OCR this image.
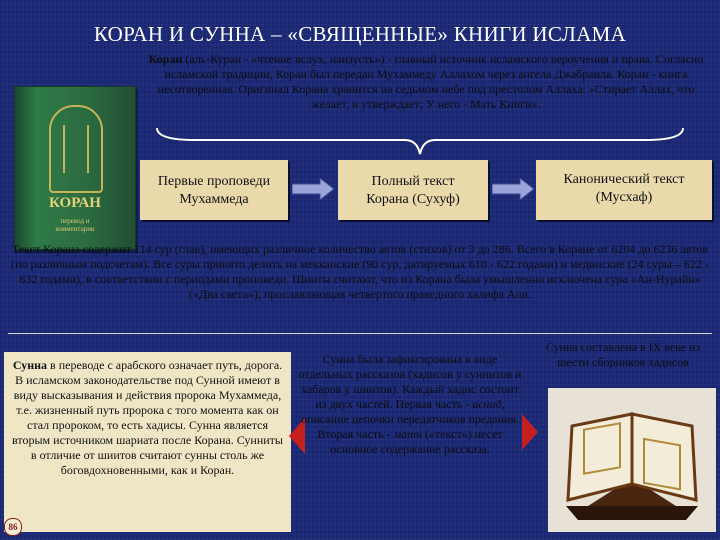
КОРАН И СУННА – «СВЯЩЕННЫЕ» КНИГИ ИСЛАМА
КОРАН
перевод и
комментарии
Коран (аль-Куран - «чтение вслух, наизусть») - главный источник исламского вероучения и права. Согласно исламской традиции, Коран был передан Мухаммеду Аллахом через ангела Джабраила. Коран - книга несотворенная. Оригинал Корана хранится на седьмом небе под престолом Аллаха: «Стирает Аллах, что желает, и утверждает; У него - Мать Книги».
Первые проповеди
Мухаммеда
Полный текст
Корана (Сухуф)
Канонический текст
(Мусхаф)
Текст Корана содержит 114 сур (глав), имеющих различное количество аятов (стихов) от 3 до 286. Всего в Коране от 6204 до 6236 аятов (по различным подсчетам). Все суры принято делить на мекканские (90 сур, датируемых 610 - 622 годами) и мединские (24 суры – 622 - 632 годами), в соответствии с периодами проповеди. Шииты считают, что из Корана была умышленно исключена сура «Ан-Нурайн» («Два света»), прославляющая четвертого праведного халифа Али.

Сунна в переводе с арабского означает путь, дорога. В исламском законодательстве под Сунной имеют в виду высказывания и действия пророка Мухаммеда, т.е. жизненный путь пророка с того момента как он стал пророком, то есть хадисы. Сунна является вторым источником шариата после Корана. Сунниты в отличие от шиитов считают сунны столь же боговдохновенными, как и Коран.

86
Сунна была зафиксирована в виде отдельных рассказов (хадисов у суннитов и хабаров у шиитов). Каждый хадис состоит из двух частей. Первая часть - иснад, описание цепочки передатчиков предания. Вторая часть - матн («текст») несет основное содержание рассказа.
Сунна составлена в IX веке из шести сборников хадисов
